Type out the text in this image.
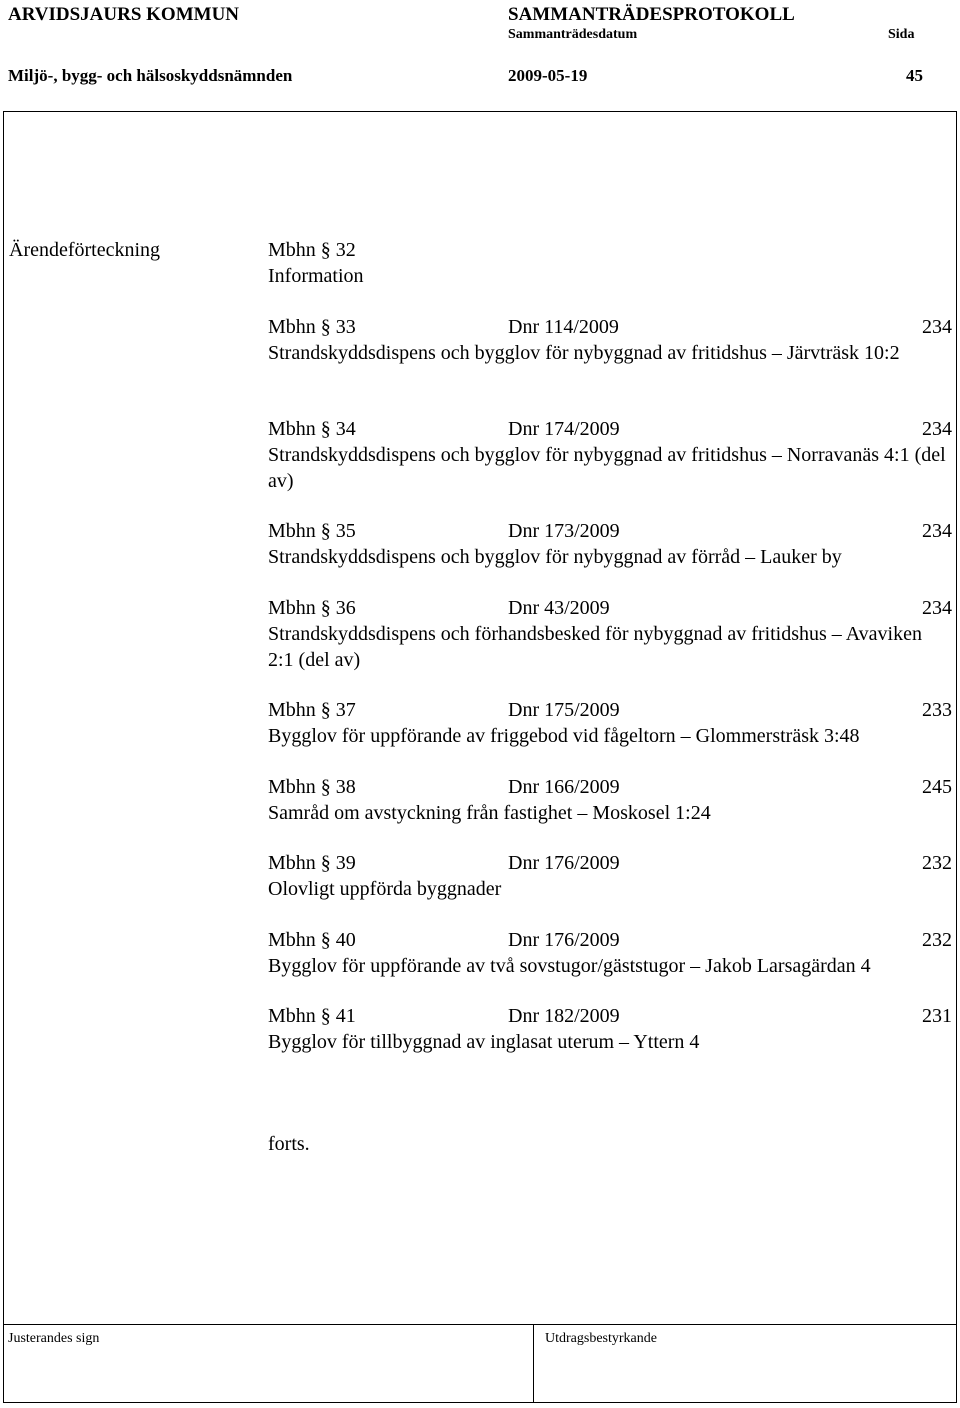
ARVIDSJAURS KOMMUN	SAMMANTRÄDESPROTOKOLL
Sammanträdesdatum	Sida
Miljö-, bygg- och hälsoskyddsnämnden	2009-05-19	45
Ärendeförteckning	Mbhn § 32
Information
Mbhn § 33	Dnr 114/2009	234
Strandskyddsdispens och bygglov för nybyggnad av fritidshus – Järvträsk 10:2
Mbhn § 34	Dnr 174/2009	234
Strandskyddsdispens och bygglov för nybyggnad av fritidshus – Norravanäs 4:1 (del av)
Mbhn § 35	Dnr 173/2009	234
Strandskyddsdispens och bygglov för nybyggnad av förråd – Lauker by
Mbhn § 36	Dnr 43/2009	234
Strandskyddsdispens och förhandsbesked för nybyggnad av fritidshus – Avaviken 2:1 (del av)
Mbhn § 37	Dnr 175/2009	233
Bygglov för uppförande av friggebod vid fågeltorn – Glommersträsk 3:48
Mbhn § 38	Dnr 166/2009	245
Samråd om avstyckning från fastighet – Moskosel 1:24
Mbhn § 39	Dnr 176/2009	232
Olovligt uppförda byggnader
Mbhn § 40	Dnr 176/2009	232
Bygglov för uppförande av två sovstugor/gäststugor – Jakob Larsagärdan 4
Mbhn § 41	Dnr 182/2009	231
Bygglov för tillbyggnad av inglasat uterum – Yttern 4
forts.
Justerandes sign	Utdragsbestyrkande
